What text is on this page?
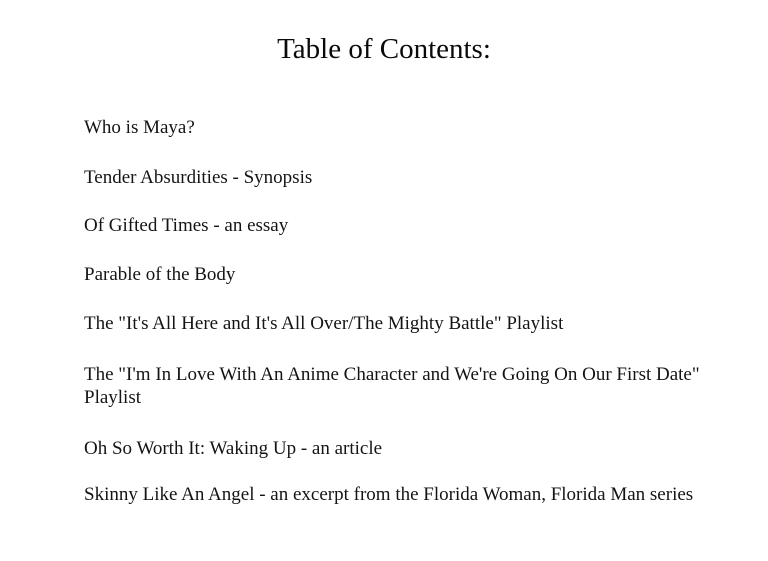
Table of Contents:
Who is Maya?
Tender Absurdities - Synopsis
Of Gifted Times - an essay
Parable of the Body
The "It's All Here and It's All Over/The Mighty Battle" Playlist
The "I'm In Love With An Anime Character and We're Going On Our First Date" Playlist
Oh So Worth It: Waking Up - an article
Skinny Like An Angel - an excerpt from the Florida Woman, Florida Man series
